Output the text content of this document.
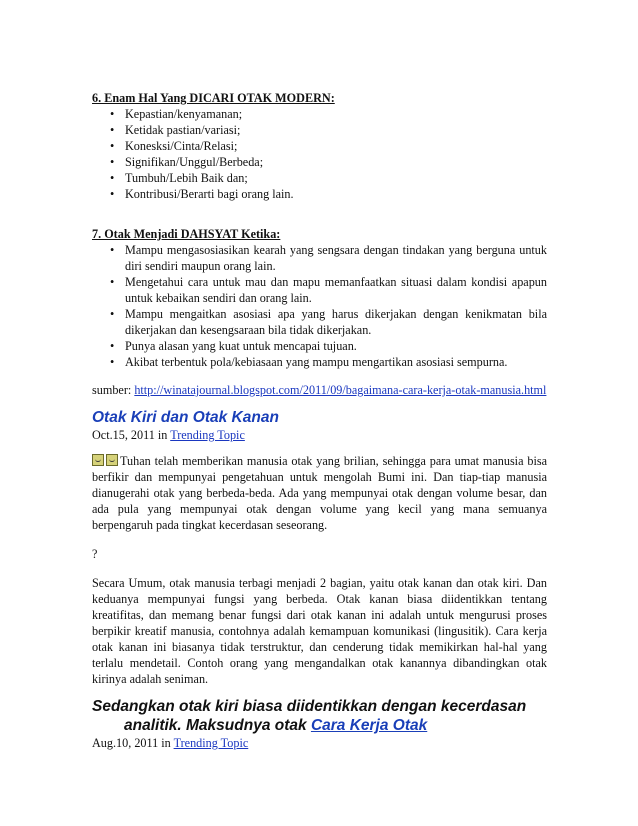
6. Enam Hal Yang DICARI OTAK MODERN:

• Kepastian/kenyamanan;
• Ketidak pastian/variasi;
• Konesksi/Cinta/Relasi;
• Signifikan/Unggul/Berbeda;
• Tumbuh/Lebih Baik dan;
• Kontribusi/Berarti bagi orang lain.

7. Otak Menjadi DAHSYAT Ketika:

• Mampu mengasosiasikan kearah yang sengsara dengan tindakan yang berguna untuk diri sendiri maupun orang lain.
• Mengetahui cara untuk mau dan mapu memanfaatkan situasi dalam kondisi apapun untuk kebaikan sendiri dan orang lain.
• Mampu mengaitkan asosiasi apa yang harus dikerjakan dengan kenikmatan bila dikerjakan dan kesengsaraan bila tidak dikerjakan.
• Punya alasan yang kuat untuk mencapai tujuan.
• Akibat terbentuk pola/kebiasaan yang mampu mengartikan asosiasi sempurna.

sumber: http://winatajournal.blogspot.com/2011/09/bagaimana-cara-kerja-otak-manusia.html

Otak Kiri dan Otak Kanan

Oct.15, 2011 in Trending Topic

Tuhan telah memberikan manusia otak yang brilian, sehingga para umat manusia bisa berfikir dan mempunyai pengetahuan untuk mengolah Bumi ini. Dan tiap-tiap manusia dianugerahi otak yang berbeda-beda. Ada yang mempunyai otak dengan volume besar, dan ada pula yang mempunyai otak dengan volume yang kecil yang mana semuanya berpengaruh pada tingkat kecerdasan seseorang.

?

Secara Umum, otak manusia terbagi menjadi 2 bagian, yaitu otak kanan dan otak kiri. Dan keduanya mempunyai fungsi yang berbeda. Otak kanan biasa diidentikkan tentang kreatifitas, dan memang benar fungsi dari otak kanan ini adalah untuk mengurusi proses berpikir kreatif manusia, contohnya adalah kemampuan komunikasi (lingusitik). Cara kerja otak kanan ini biasanya tidak terstruktur, dan cenderung tidak memikirkan hal-hal yang terlalu mendetail. Contoh orang yang mengandalkan otak kanannya dibandingkan otak kirinya adalah seniman.

Sedangkan otak kiri biasa diidentikkan dengan kecerdasan
analitik. Maksudnya otak Cara Kerja Otak

Aug.10, 2011 in Trending Topic
